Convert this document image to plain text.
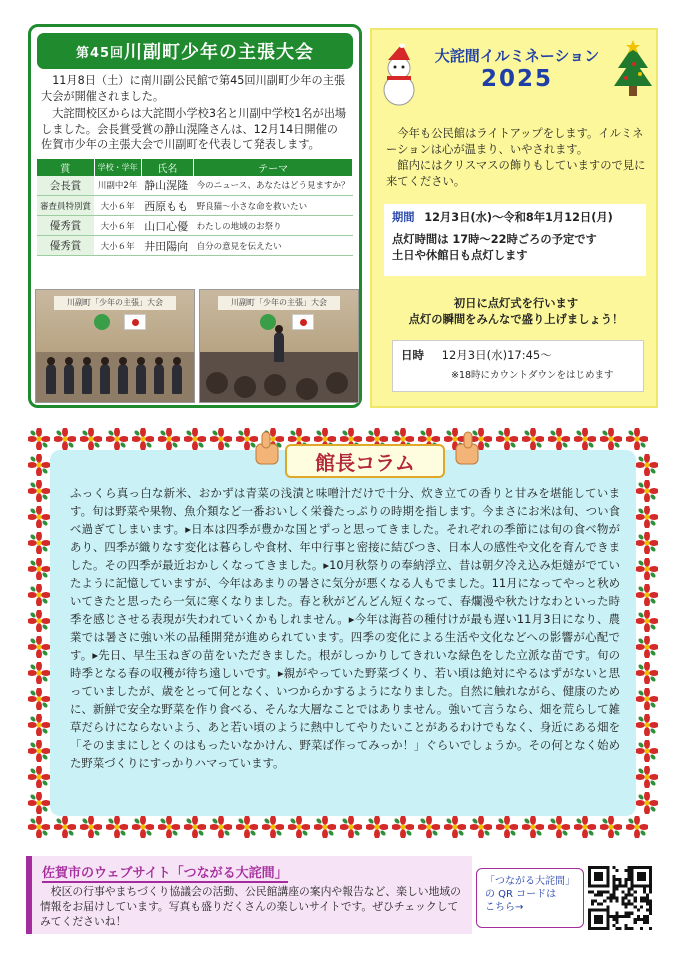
第45回 川副町少年の主張大会

11月8日（土）に南川副公民館で第45回川副町少年の主張大会が開催されました。

大詫間校区からは大詫間小学校3名と川副中学校1名が出場しました。会長賞受賞の静山滉隆さんは、12月14日開催の佐賀市少年の主張大会で川副町を代表して発表します。

賞	学校・学年	氏名	テーマ
会長賞	川副中2年	静山滉隆	今のニュース、あなたはどう見ますか？
審査員特別賞	大小６年	西原もも	野良猫～小さな命を救いたい
優秀賞	大小６年	山口心優	わたしの地域のお祭り
優秀賞	大小６年	井田陽向	自分の意見を伝えたい
川副町「少年の主張」大会	川副町「少年の主張」大会
大詫間イルミネーション
2025

今年も公民館はライトアップをします。イルミネーションは心が温まり、いやされます。

館内にはクリスマスの飾りもしていますので見に来てください。

期間 12月3日(水)～令和8年1月12日(月)
点灯時間は 17時～22時ごろの予定です
土日や休館日も点灯します
初日に点灯式を行います
点灯の瞬間をみんなで盛り上げましょう！
日時 12月3日(水)17:45～
※18時にカウントダウンをはじめます
館長コラム

ふっくら真っ白な新米、おかずは青菜の浅漬と味噌汁だけで十分、炊き立ての香りと甘みを堪能しています。旬は野菜や果物、魚介類など一番おいしく栄養たっぷりの時期を指します。今まさにお米は旬、つい食べ過ぎてしまいます。▸日本は四季が豊かな国とずっと思ってきました。それぞれの季節には旬の食べ物があり、四季が織りなす変化は暮らしや食材、年中行事と密接に結びつき、日本人の感性や文化を育んできました。その四季が最近おかしくなってきました。▸10月秋祭りの奉納浮立、昔は朝夕冷え込み炬燵がでていたように記憶していますが、今年はあまりの暑さに気分が悪くなる人もでました。11月になってやっと秋めいてきたと思ったら一気に寒くなりました。春と秋がどんどん短くなって、春爛漫や秋たけなわといった時季を感じさせる表現が失われていくかもしれません。▸今年は海苔の種付けが最も遅い11月3日になり、農業では暑さに強い米の品種開発が進められています。四季の変化による生活や文化などへの影響が心配です。▸先日、早生玉ねぎの苗をいただきました。根がしっかりしてきれいな緑色をした立派な苗です。旬の時季となる春の収穫が待ち遠しいです。▸親がやっていた野菜づくり、若い頃は絶対にやるはずがないと思っていましたが、歳をとって何となく、いつからかするようになりました。自然に触れながら、健康のために、新鮮で安全な野菜を作り食べる、そんな大層なことではありません。強いて言うなら、畑を荒らして雑草だらけにならないよう、あと若い頃のように熱中してやりたいことがあるわけでもなく、身近にある畑を「そのままにしとくのはもったいなかけん、野菜ば作ってみっか！」ぐらいでしょうか。その何となく始めた野菜づくりにすっかりハマっています。

佐賀市のウェブサイト「つながる大詫間」

校区の行事やまちづくり協議会の活動、公民館講座の案内や報告など、楽しい地域の情報をお届けしています。写真も盛りだくさんの楽しいサイトです。ぜひチェックしてみてくださいね！

「つながる大詫間」
の QR コードは
こちら→
